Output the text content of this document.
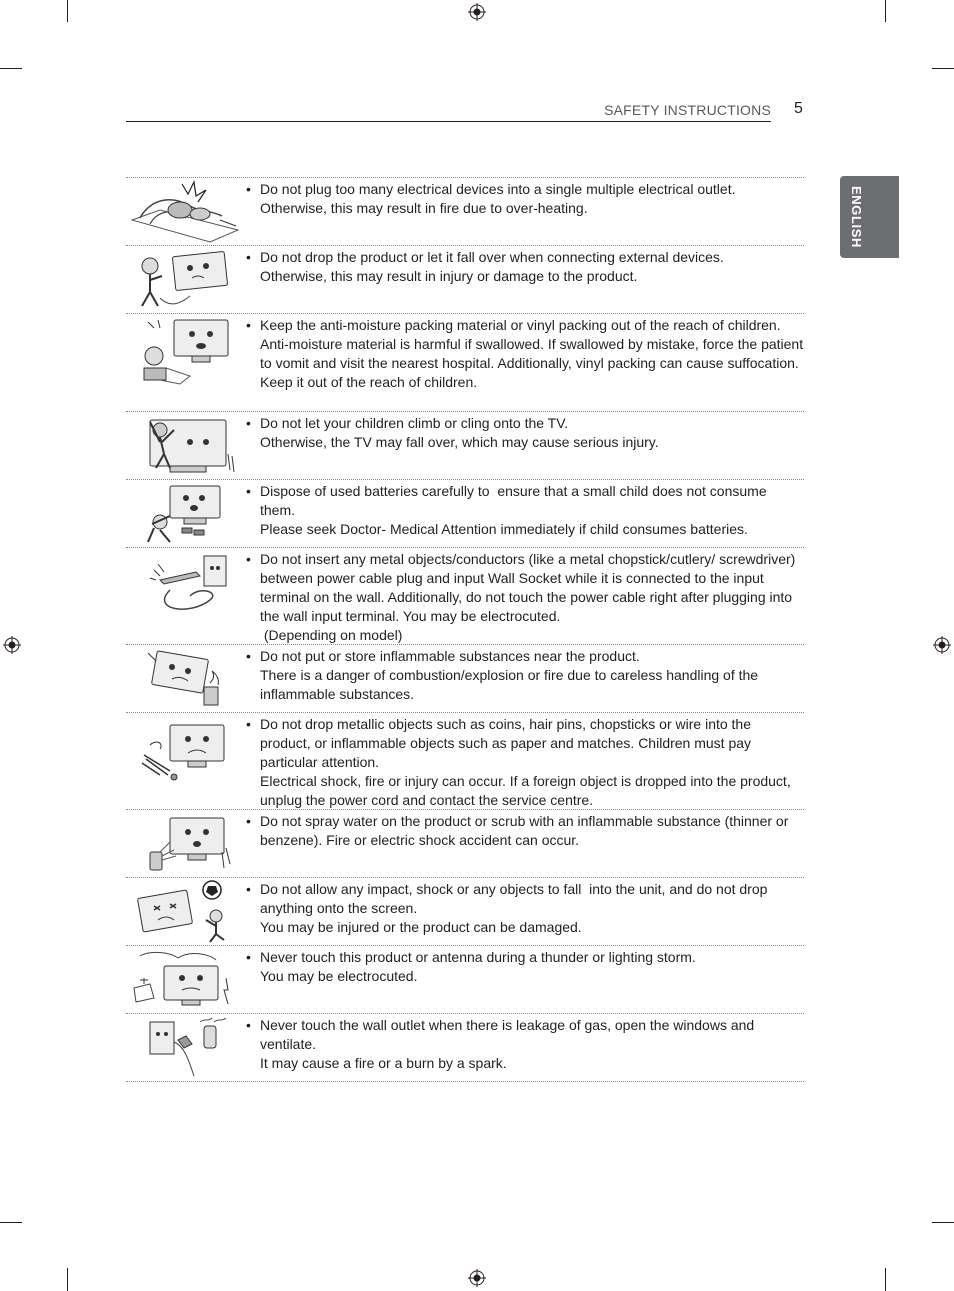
SAFETY INSTRUCTIONS 5
ENGLISH
• Do not plug too many electrical devices into a single multiple electrical outlet.

Otherwise, this may result in fire due to over-heating.

• Do not drop the product or let it fall over when connecting external devices.

Otherwise, this may result in injury or damage to the product.

• Keep the anti-moisture packing material or vinyl packing out of the reach of children.

Anti-moisture material is harmful if swallowed. If swallowed by mistake, force the patient to vomit and visit the nearest hospital. Additionally, vinyl packing can cause suffocation. Keep it out of the reach of children.

• Do not let your children climb or cling onto the TV.

Otherwise, the TV may fall over, which may cause serious injury.

• Dispose of used batteries carefully to  ensure that a small child does not consume them.

Please seek Doctor- Medical Attention immediately if child consumes batteries.

• Do not insert any metal objects/conductors (like a metal chopstick/cutlery/ screwdriver) between power cable plug and input Wall Socket while it is connected to the input terminal on the wall. Additionally, do not touch the power cable right after plugging into the wall input terminal. You may be electrocuted.

(Depending on model)

• Do not put or store inflammable substances near the product.

There is a danger of combustion/explosion or fire due to careless handling of the inflammable substances.

• Do not drop metallic objects such as coins, hair pins, chopsticks or wire into the product, or inflammable objects such as paper and matches. Children must pay particular attention.

Electrical shock, fire or injury can occur. If a foreign object is dropped into the product, unplug the power cord and contact the service centre.

• Do not spray water on the product or scrub with an inflammable substance (thinner or benzene). Fire or electric shock accident can occur.

• Do not allow any impact, shock or any objects to fall  into the unit, and do not drop anything onto the screen.

You may be injured or the product can be damaged.

• Never touch this product or antenna during a thunder or lighting storm.

You may be electrocuted.

• Never touch the wall outlet when there is leakage of gas, open the windows and ventilate.

It may cause a fire or a burn by a spark.
